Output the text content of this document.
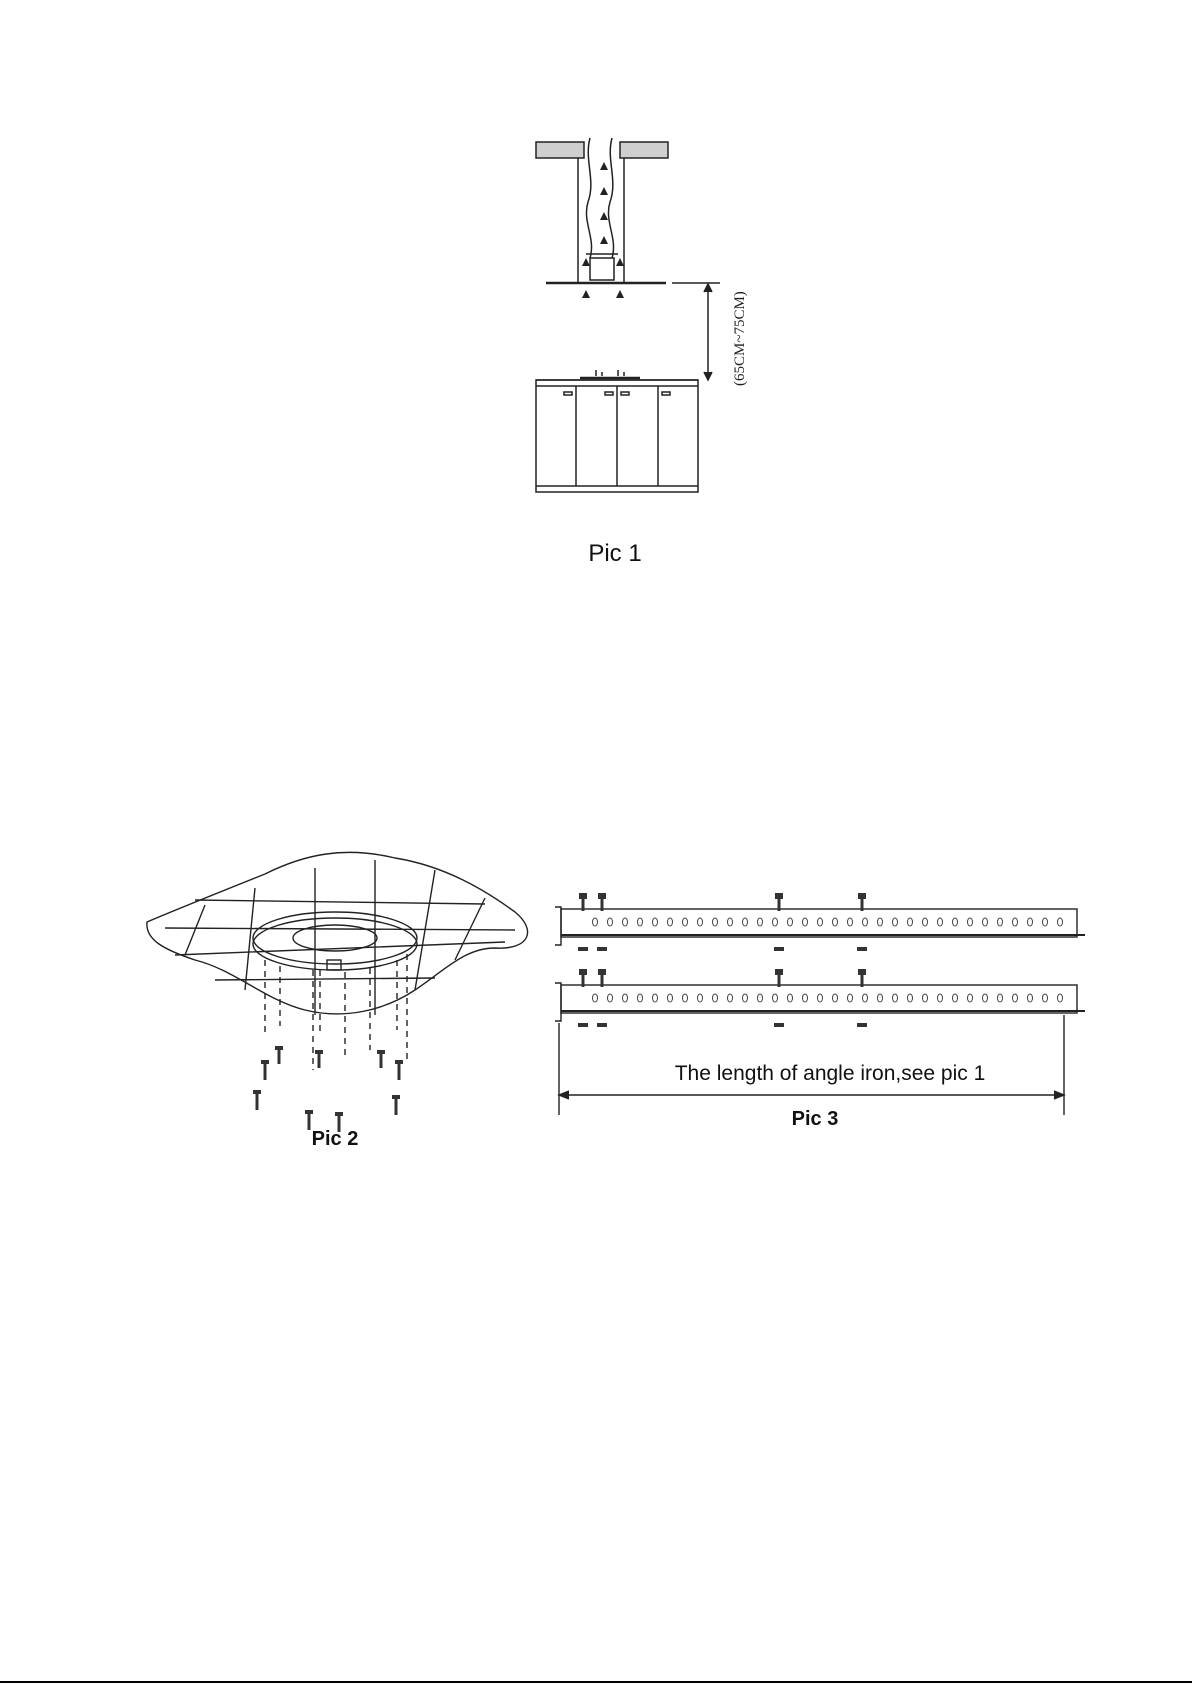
(65CM~75CM)
Pic 1
Pic 2
The length of angle iron,see pic 1
Pic 3
